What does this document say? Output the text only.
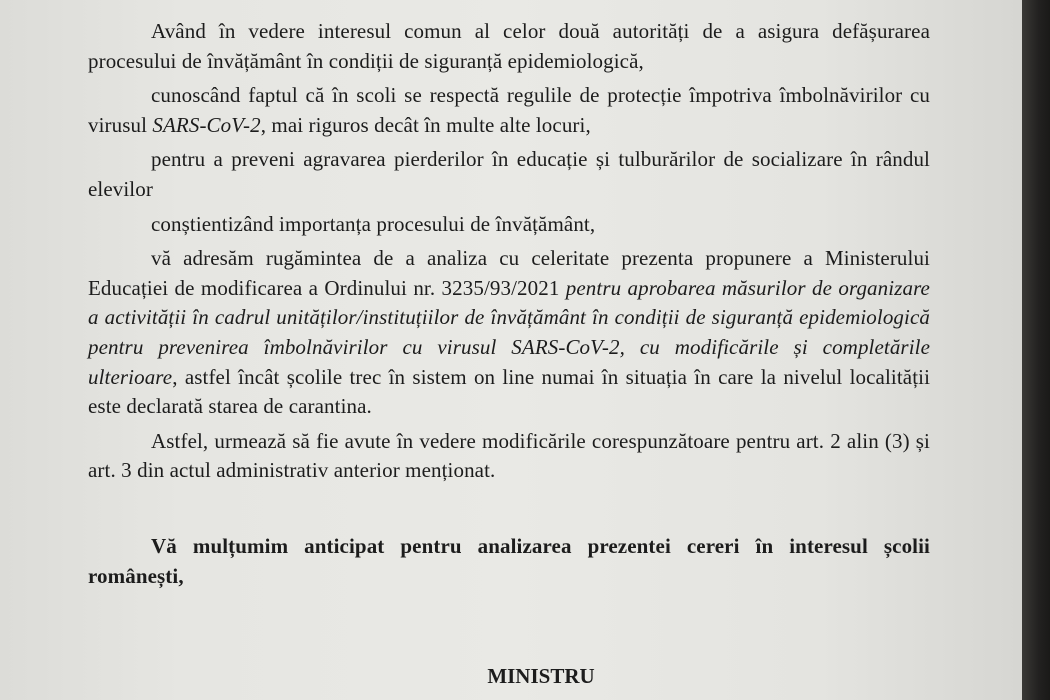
Având în vedere interesul comun al celor două autorități de a asigura defășurarea procesului de învățământ în condiții de siguranță epidemiologică,

cunoscând faptul că în scoli se respectă regulile de protecție împotriva îmbolnăvirilor cu virusul SARS-CoV-2, mai riguros decât în multe alte locuri,

pentru a preveni agravarea pierderilor în educație și tulburărilor de socializare în rândul elevilor

conștientizând importanța procesului de învățământ,

vă adresăm rugămintea de a analiza cu celeritate prezenta propunere a Ministerului Educației de modificarea a Ordinului nr. 3235/93/2021 pentru aprobarea măsurilor de organizare a activității în cadrul unităților/instituțiilor de învățământ în condiții de siguranță epidemiologică pentru prevenirea îmbolnăvirilor cu virusul SARS-CoV-2, cu modificările și completările ulterioare, astfel încât școlile trec în sistem on line numai în situația în care la nivelul localității este declarată starea de carantina.

Astfel, urmează să fie avute în vedere modificările corespunzătoare pentru art. 2 alin (3) și art. 3 din actul administrativ anterior menționat.

Vă mulțumim anticipat pentru analizarea prezentei cereri în interesul școlii românești,

MINISTRU
